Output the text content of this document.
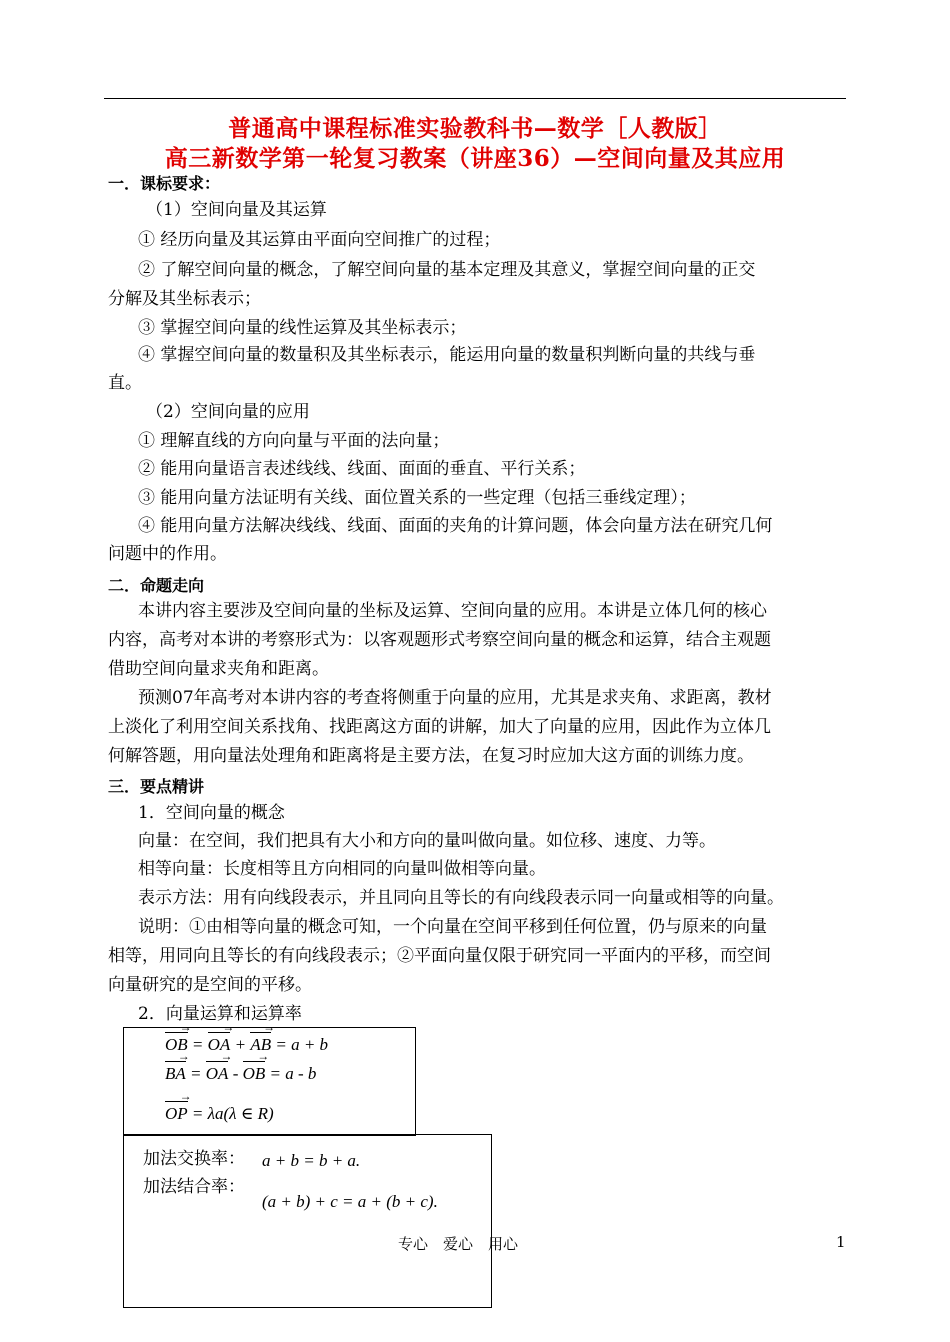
普通高中课程标准实验教科书—数学［人教版］
高三新数学第一轮复习教案（讲座36）—空间向量及其应用
一．课标要求：
（1）空间向量及其运算
① 经历向量及其运算由平面向空间推广的过程；
② 了解空间向量的概念，了解空间向量的基本定理及其意义，掌握空间向量的正交
分解及其坐标表示；
③ 掌握空间向量的线性运算及其坐标表示；
④ 掌握空间向量的数量积及其坐标表示，能运用向量的数量积判断向量的共线与垂
直。
（2）空间向量的应用
① 理解直线的方向向量与平面的法向量；
② 能用向量语言表述线线、线面、面面的垂直、平行关系；
③ 能用向量方法证明有关线、面位置关系的一些定理（包括三垂线定理）；
④ 能用向量方法解决线线、线面、面面的夹角的计算问题，体会向量方法在研究几何
问题中的作用。
二．命题走向
本讲内容主要涉及空间向量的坐标及运算、空间向量的应用。本讲是立体几何的核心
内容，高考对本讲的考察形式为：以客观题形式考察空间向量的概念和运算，结合主观题
借助空间向量求夹角和距离。
预测07年高考对本讲内容的考查将侧重于向量的应用，尤其是求夹角、求距离，教材
上淡化了利用空间关系找角、找距离这方面的讲解，加大了向量的应用，因此作为立体几
何解答题，用向量法处理角和距离将是主要方法，在复习时应加大这方面的训练力度。
三．要点精讲
1．空间向量的概念
向量：在空间，我们把具有大小和方向的量叫做向量。如位移、速度、力等。
相等向量：长度相等且方向相同的向量叫做相等向量。
表示方法：用有向线段表示，并且同向且等长的有向线段表示同一向量或相等的向量。
说明：①由相等向量的概念可知，一个向量在空间平移到任何位置，仍与原来的向量
相等，用同向且等长的有向线段表示；②平面向量仅限于研究同一平面内的平移，而空间
向量研究的是空间的平移。
2．向量运算和运算率
OB → = OA → + AB → = a + b
BA → = OA → - OB → = a - b
OP → = λa(λ ∈ R)
加法交换率： a + b = b + a.
加法结合率：
(a + b) + c = a + (b + c).
专心　爱心　用心	1
